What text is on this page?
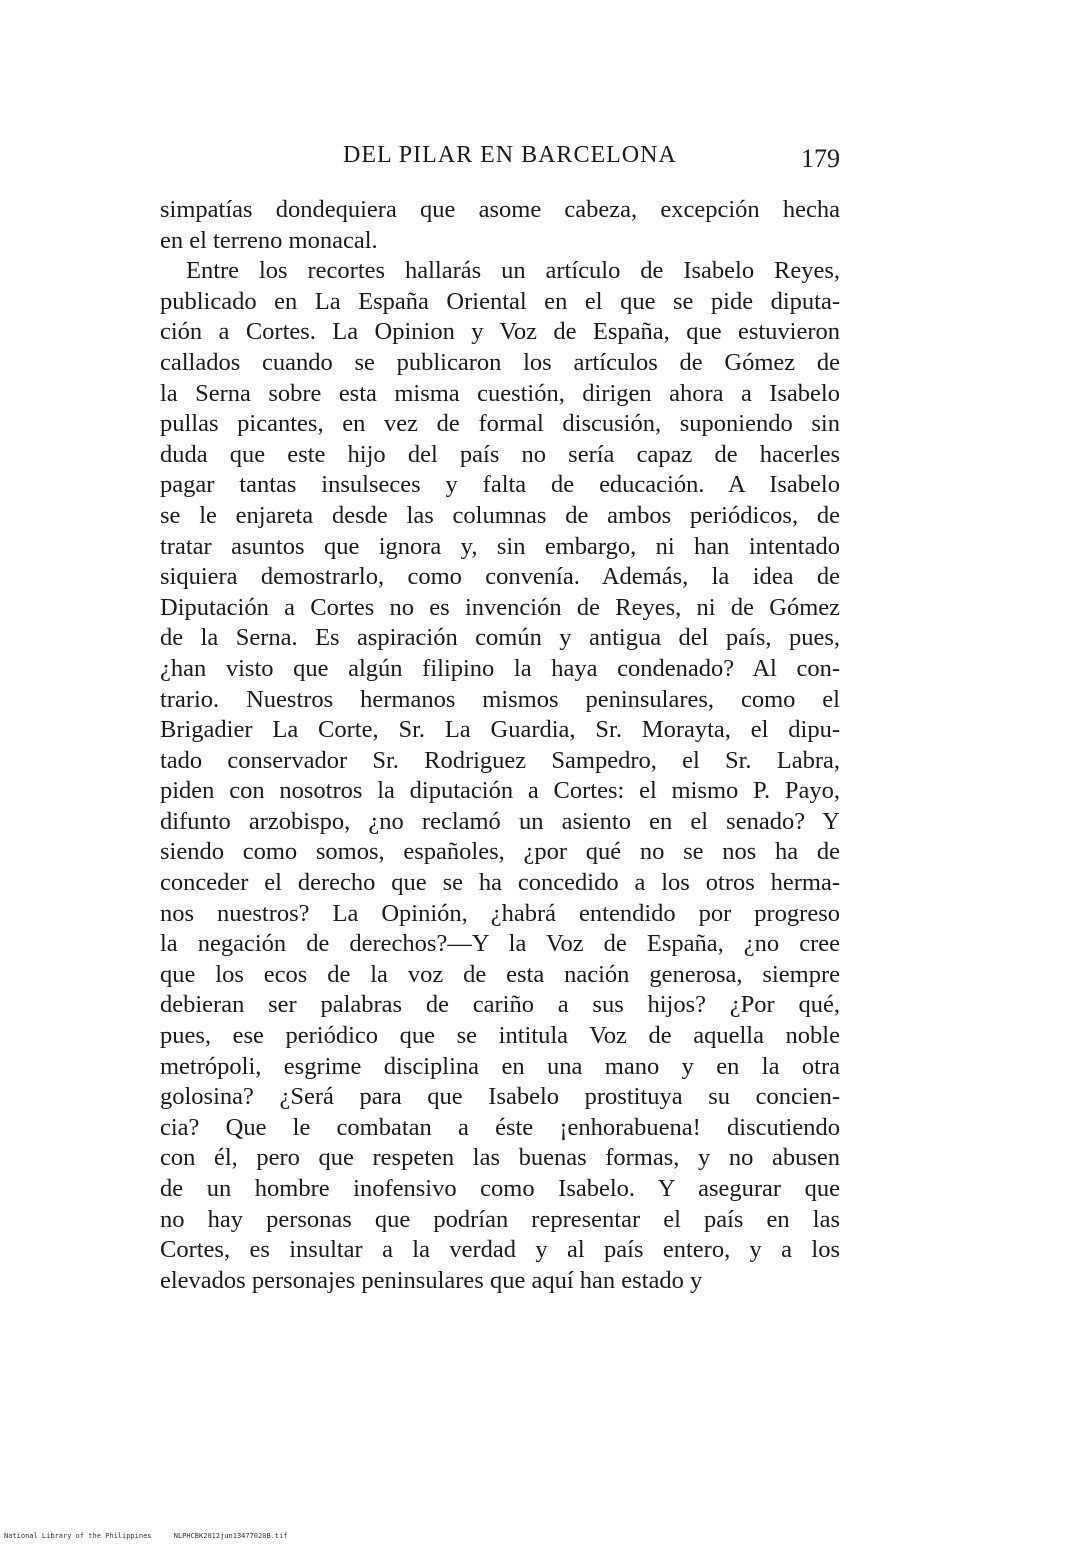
DEL PILAR EN BARCELONA	179
simpatías dondequiera que asome cabeza, excepción hecha
en el terreno monacal.
Entre los recortes hallarás un artículo de Isabelo Reyes,
publicado en La España Oriental en el que se pide diputa-
ción a Cortes. La Opinion y Voz de España, que estuvieron
callados cuando se publicaron los artículos de Gómez de
la Serna sobre esta misma cuestión, dirigen ahora a Isabelo
pullas picantes, en vez de formal discusión, suponiendo sin
duda que este hijo del país no sería capaz de hacerles
pagar tantas insulseces y falta de educación. A Isabelo
se le enjareta desde las columnas de ambos periódicos, de
tratar asuntos que ignora y, sin embargo, ni han intentado
siquiera demostrarlo, como convenía. Además, la idea de
Diputación a Cortes no es invención de Reyes, ni de Gómez
de la Serna. Es aspiración común y antigua del país, pues,
¿han visto que algún filipino la haya condenado? Al con-
trario. Nuestros hermanos mismos peninsulares, como el
Brigadier La Corte, Sr. La Guardia, Sr. Morayta, el dipu-
tado conservador Sr. Rodriguez Sampedro, el Sr. Labra,
piden con nosotros la diputación a Cortes: el mismo P. Payo,
difunto arzobispo, ¿no reclamó un asiento en el senado? Y
siendo como somos, españoles, ¿por qué no se nos ha de
conceder el derecho que se ha concedido a los otros herma-
nos nuestros? La Opinión, ¿habrá entendido por progreso
la negación de derechos?—Y la Voz de España, ¿no cree
que los ecos de la voz de esta nación generosa, siempre
debieran ser palabras de cariño a sus hijos? ¿Por qué,
pues, ese periódico que se intitula Voz de aquella noble
metrópoli, esgrime disciplina en una mano y en la otra
golosina? ¿Será para que Isabelo prostituya su concien-
cia? Que le combatan a éste ¡enhorabuena! discutiendo
con él, pero que respeten las buenas formas, y no abusen
de un hombre inofensivo como Isabelo. Y asegurar que
no hay personas que podrían representar el país en las
Cortes, es insultar a la verdad y al país entero, y a los
elevados personajes peninsulares que aquí han estado y
National Library of the Philippines	NLPHCBK2012jun13477020B.tif
